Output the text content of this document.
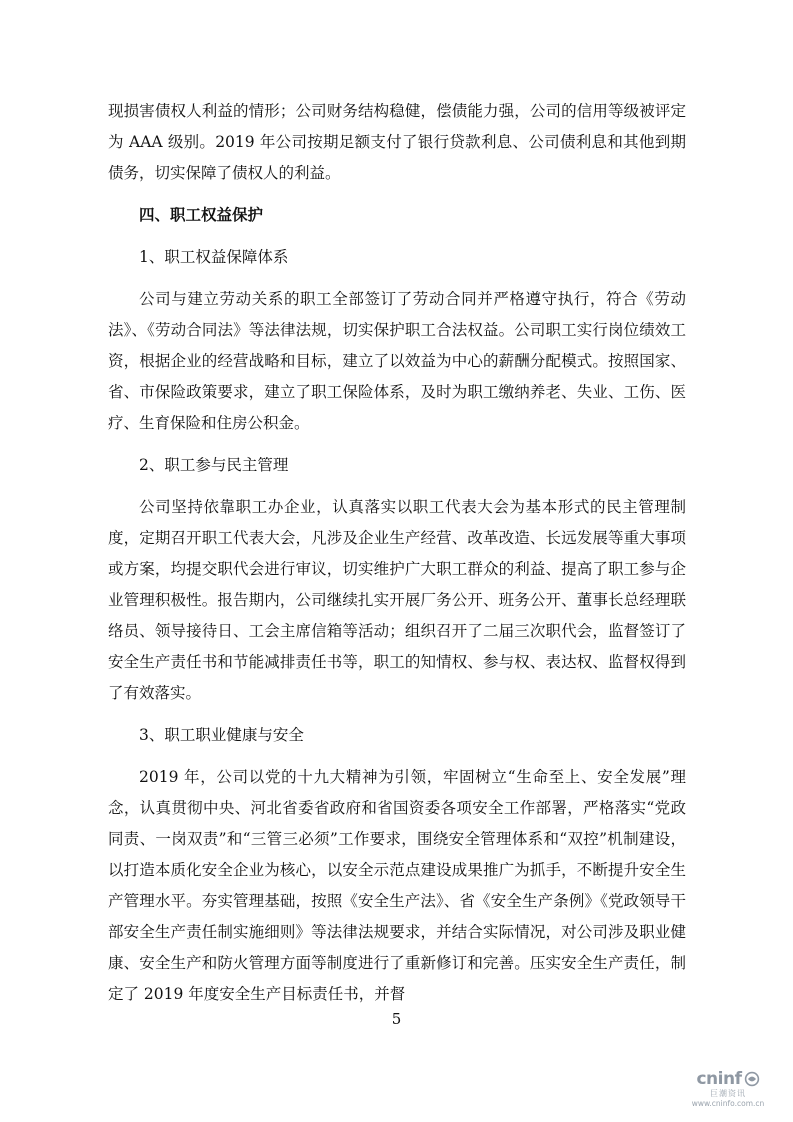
现损害债权人利益的情形；公司财务结构稳健，偿债能力强，公司的信用等级被评定为 AAA 级别。2019 年公司按期足额支付了银行贷款利息、公司债利息和其他到期债务，切实保障了债权人的利益。

四、职工权益保护
1、职工权益保障体系

公司与建立劳动关系的职工全部签订了劳动合同并严格遵守执行，符合《劳动法》、《劳动合同法》等法律法规，切实保护职工合法权益。公司职工实行岗位绩效工资，根据企业的经营战略和目标，建立了以效益为中心的薪酬分配模式。按照国家、省、市保险政策要求，建立了职工保险体系，及时为职工缴纳养老、失业、工伤、医疗、生育保险和住房公积金。

2、职工参与民主管理

公司坚持依靠职工办企业，认真落实以职工代表大会为基本形式的民主管理制度，定期召开职工代表大会，凡涉及企业生产经营、改革改造、长远发展等重大事项或方案，均提交职代会进行审议，切实维护广大职工群众的利益、提高了职工参与企业管理积极性。报告期内，公司继续扎实开展厂务公开、班务公开、董事长总经理联络员、领导接待日、工会主席信箱等活动；组织召开了二届三次职代会，监督签订了安全生产责任书和节能减排责任书等，职工的知情权、参与权、表达权、监督权得到了有效落实。

3、职工职业健康与安全

2019 年，公司以党的十九大精神为引领，牢固树立“生命至上、安全发展”理念，认真贯彻中央、河北省委省政府和省国资委各项安全工作部署，严格落实“党政同责、一岗双责”和“三管三必须”工作要求，围绕安全管理体系和“双控”机制建设，以打造本质化安全企业为核心，以安全示范点建设成果推广为抓手，不断提升安全生产管理水平。夯实管理基础，按照《安全生产法》、省《安全生产条例》《党政领导干部安全生产责任制实施细则》等法律法规要求，并结合实际情况，对公司涉及职业健康、安全生产和防火管理方面等制度进行了重新修订和完善。压实安全生产责任，制定了 2019 年度安全生产目标责任书，并督

5
cninf
巨潮资讯
www.cninfo.com.cn
